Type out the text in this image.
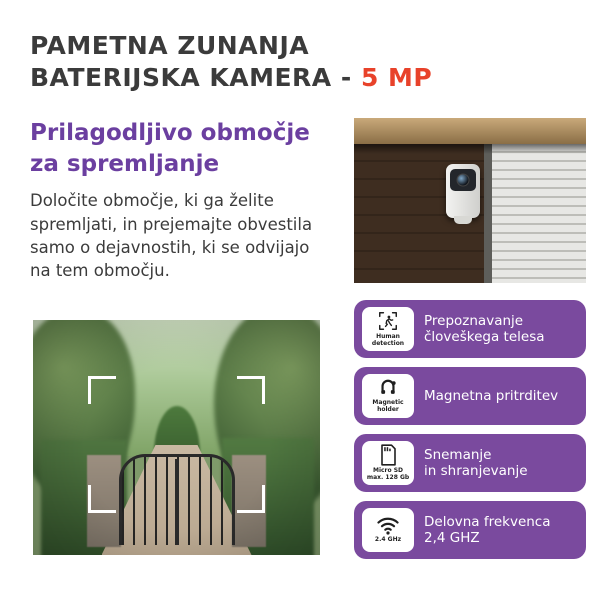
PAMETNA ZUNANJA
BATERIJSKA KAMERA - 5 MP
Prilagodljivo območje
za spremljanje

Določite območje, ki ga želite spremljati, in prejemajte obvestila samo o dejavnostih, ki se odvijajo na tem območju.

Human
detection
Prepoznavanje
človeškega telesa
Magnetic
holder
Magnetna pritrditev
Micro SD
max. 128 Gb
Snemanje
in shranjevanje
2.4 GHz
Delovna frekvenca
2,4 GHZ
